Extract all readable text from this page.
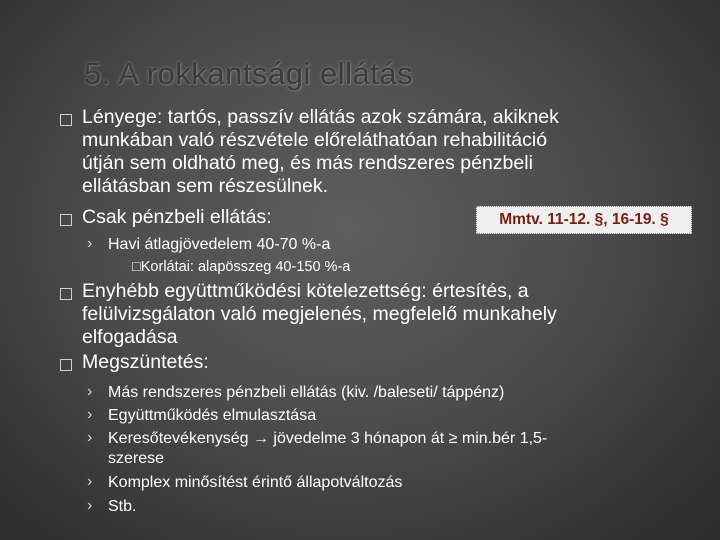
5. A rokkantsági ellátás
Lényege: tartós, passzív ellátás azok számára, akiknek
munkában való részvétele előreláthatóan rehabilitáció
útján sem oldható meg, és más rendszeres pénzbeli
ellátásban sem részesülnek.
Csak pénzbeli ellátás:	Mmtv. 11-12. §, 16-19. §
› Havi átlagjövedelem 40-70 %-a
□Korlátai: alapösszeg 40-150 %-a
Enyhébb együttműködési kötelezettség: értesítés, a
felülvizsgálaton való megjelenés, megfelelő munkahely
elfogadása
Megszüntetés:
› Más rendszeres pénzbeli ellátás (kiv. /baleseti/ táppénz)
› Együttműködés elmulasztása
› Keresőtevékenység → jövedelme 3 hónapon át ≥ min.bér 1,5-
szerese
› Komplex minősítést érintő állapotváltozás
› Stb.
